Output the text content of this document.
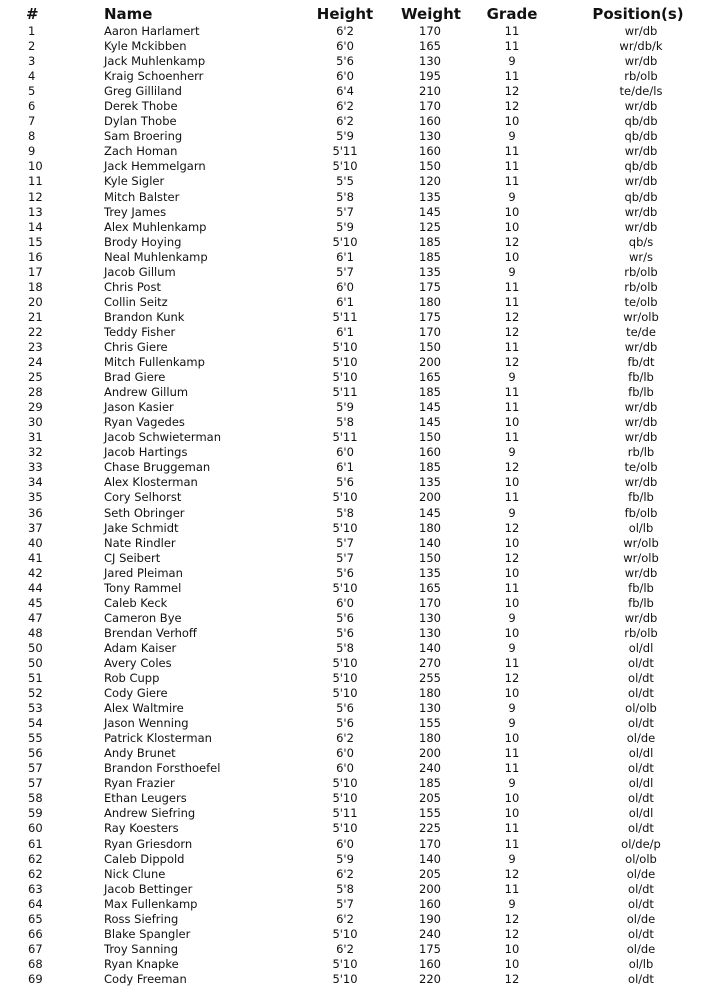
#	Name	Height	Weight	Grade	Position(s)
1	Aaron Harlamert	6'2	170	11	wr/db
2	Kyle Mckibben	6'0	165	11	wr/db/k
3	Jack Muhlenkamp	5'6	130	9	wr/db
4	Kraig Schoenherr	6'0	195	11	rb/olb
5	Greg Gilliland	6'4	210	12	te/de/ls
6	Derek Thobe	6'2	170	12	wr/db
7	Dylan Thobe	6'2	160	10	qb/db
8	Sam Broering	5'9	130	9	qb/db
9	Zach Homan	5'11	160	11	wr/db
10	Jack Hemmelgarn	5'10	150	11	qb/db
11	Kyle Sigler	5'5	120	11	wr/db
12	Mitch Balster	5'8	135	9	qb/db
13	Trey James	5'7	145	10	wr/db
14	Alex Muhlenkamp	5'9	125	10	wr/db
15	Brody Hoying	5'10	185	12	qb/s
16	Neal Muhlenkamp	6'1	185	10	wr/s
17	Jacob Gillum	5'7	135	9	rb/olb
18	Chris Post	6'0	175	11	rb/olb
20	Collin Seitz	6'1	180	11	te/olb
21	Brandon Kunk	5'11	175	12	wr/olb
22	Teddy Fisher	6'1	170	12	te/de
23	Chris Giere	5'10	150	11	wr/db
24	Mitch Fullenkamp	5'10	200	12	fb/dt
25	Brad Giere	5'10	165	9	fb/lb
28	Andrew Gillum	5'11	185	11	fb/lb
29	Jason Kasier	5'9	145	11	wr/db
30	Ryan Vagedes	5'8	145	10	wr/db
31	Jacob Schwieterman	5'11	150	11	wr/db
32	Jacob Hartings	6'0	160	9	rb/lb
33	Chase Bruggeman	6'1	185	12	te/olb
34	Alex Klosterman	5'6	135	10	wr/db
35	Cory Selhorst	5'10	200	11	fb/lb
36	Seth Obringer	5'8	145	9	fb/olb
37	Jake Schmidt	5'10	180	12	ol/lb
40	Nate Rindler	5'7	140	10	wr/olb
41	CJ Seibert	5'7	150	12	wr/olb
42	Jared Pleiman	5'6	135	10	wr/db
44	Tony Rammel	5'10	165	11	fb/lb
45	Caleb Keck	6'0	170	10	fb/lb
47	Cameron Bye	5'6	130	9	wr/db
48	Brendan Verhoff	5'6	130	10	rb/olb
50	Adam Kaiser	5'8	140	9	ol/dl
50	Avery Coles	5'10	270	11	ol/dt
51	Rob Cupp	5'10	255	12	ol/dt
52	Cody Giere	5'10	180	10	ol/dt
53	Alex Waltmire	5'6	130	9	ol/olb
54	Jason Wenning	5'6	155	9	ol/dt
55	Patrick Klosterman	6'2	180	10	ol/de
56	Andy Brunet	6'0	200	11	ol/dl
57	Brandon Forsthoefel	6'0	240	11	ol/dt
57	Ryan Frazier	5'10	185	9	ol/dl
58	Ethan Leugers	5'10	205	10	ol/dt
59	Andrew Siefring	5'11	155	10	ol/dl
60	Ray Koesters	5'10	225	11	ol/dt
61	Ryan Griesdorn	6'0	170	11	ol/de/p
62	Caleb Dippold	5'9	140	9	ol/olb
62	Nick Clune	6'2	205	12	ol/de
63	Jacob Bettinger	5'8	200	11	ol/dt
64	Max Fullenkamp	5'7	160	9	ol/dt
65	Ross Siefring	6'2	190	12	ol/de
66	Blake Spangler	5'10	240	12	ol/dt
67	Troy Sanning	6'2	175	10	ol/de
68	Ryan Knapke	5'10	160	10	ol/lb
69	Cody Freeman	5'10	220	12	ol/dt
